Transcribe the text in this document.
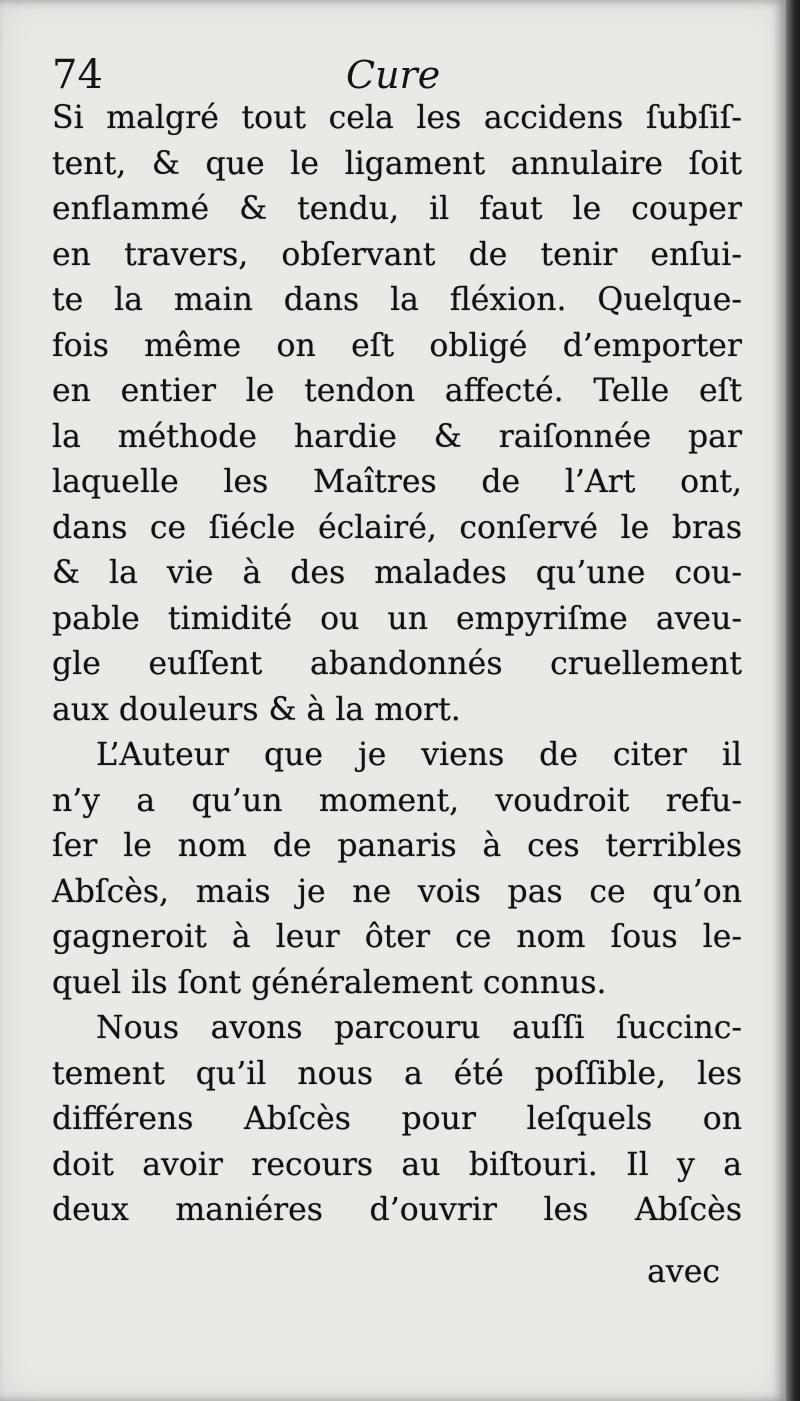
74	Cure
Si malgré tout cela les accidens ſubſiſ-
tent, & que le ligament annulaire ſoit
enflammé & tendu, il faut le couper
en travers, obſervant de tenir enſui-
te la main dans la fléxion. Quelque-
fois même on eſt obligé d’emporter
en entier le tendon affecté. Telle eſt
la méthode hardie & raiſonnée par
laquelle les Maîtres de l’Art ont,
dans ce ſiécle éclairé, conſervé le bras
& la vie à des malades qu’une cou-
pable timidité ou un empyriſme aveu-
gle euſſent abandonnés cruellement
aux douleurs & à la mort.
L’Auteur que je viens de citer il
n’y a qu’un moment, voudroit refu-
ſer le nom de panaris à ces terribles
Abſcès, mais je ne vois pas ce qu’on
gagneroit à leur ôter ce nom ſous le-
quel ils ſont généralement connus.
Nous avons parcouru auſſi ſuccinc-
tement qu’il nous a été poſſible, les
différens Abſcès pour leſquels on
doit avoir recours au biſtouri. Il y a
deux maniéres d’ouvrir les Abſcès
avec
